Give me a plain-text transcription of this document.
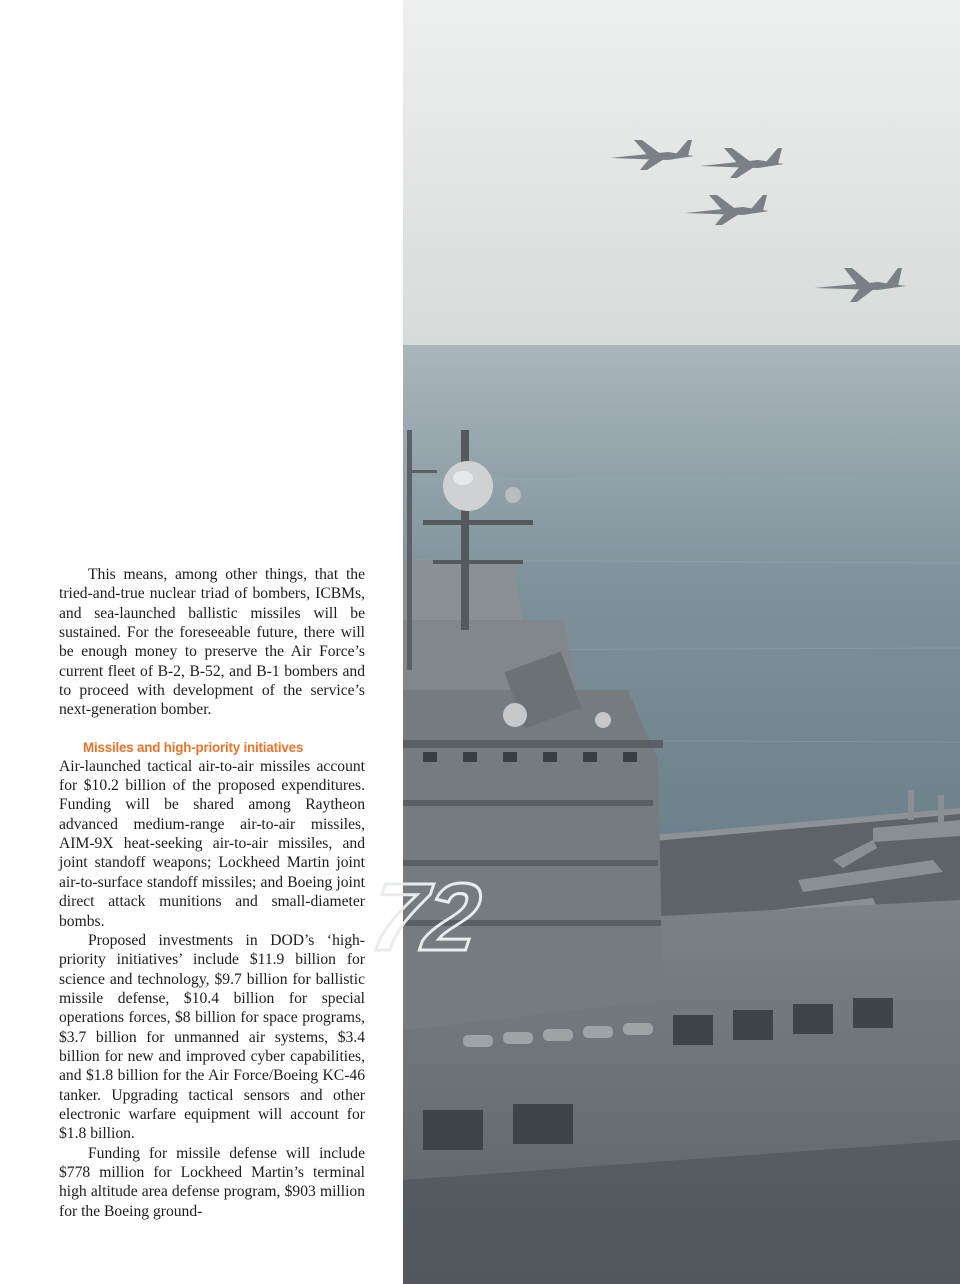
This means, among other things, that the tried-and-true nuclear triad of bombers, ICBMs, and sea-launched ballistic missiles will be sustained. For the foreseeable future, there will be enough money to preserve the Air Force’s current fleet of B-2, B-52, and B-1 bombers and to proceed with development of the service’s next-generation bomber.

Missiles and high-priority initiatives

Air-launched tactical air-to-air missiles account for $10.2 billion of the proposed expenditures. Funding will be shared among Raytheon advanced medium-range air-to-air missiles, AIM-9X heat-seeking air-to-air missiles, and joint standoff weapons; Lockheed Martin joint air-to-surface standoff missiles; and Boeing joint direct attack munitions and small-diameter bombs.

Proposed investments in DOD’s ‘high-priority initiatives’ include $11.9 billion for science and technology, $9.7 billion for ballistic missile defense, $10.4 billion for special operations forces, $8 billion for space programs, $3.7 billion for unmanned air systems, $3.4 billion for new and improved cyber capabilities, and $1.8 billion for the Air Force/Boeing KC-46 tanker. Upgrading tactical sensors and other electronic warfare equipment will account for $1.8 billion.

Funding for missile defense will include $778 million for Lockheed Martin’s terminal high altitude area defense program, $903 million for the Boeing ground-

72
